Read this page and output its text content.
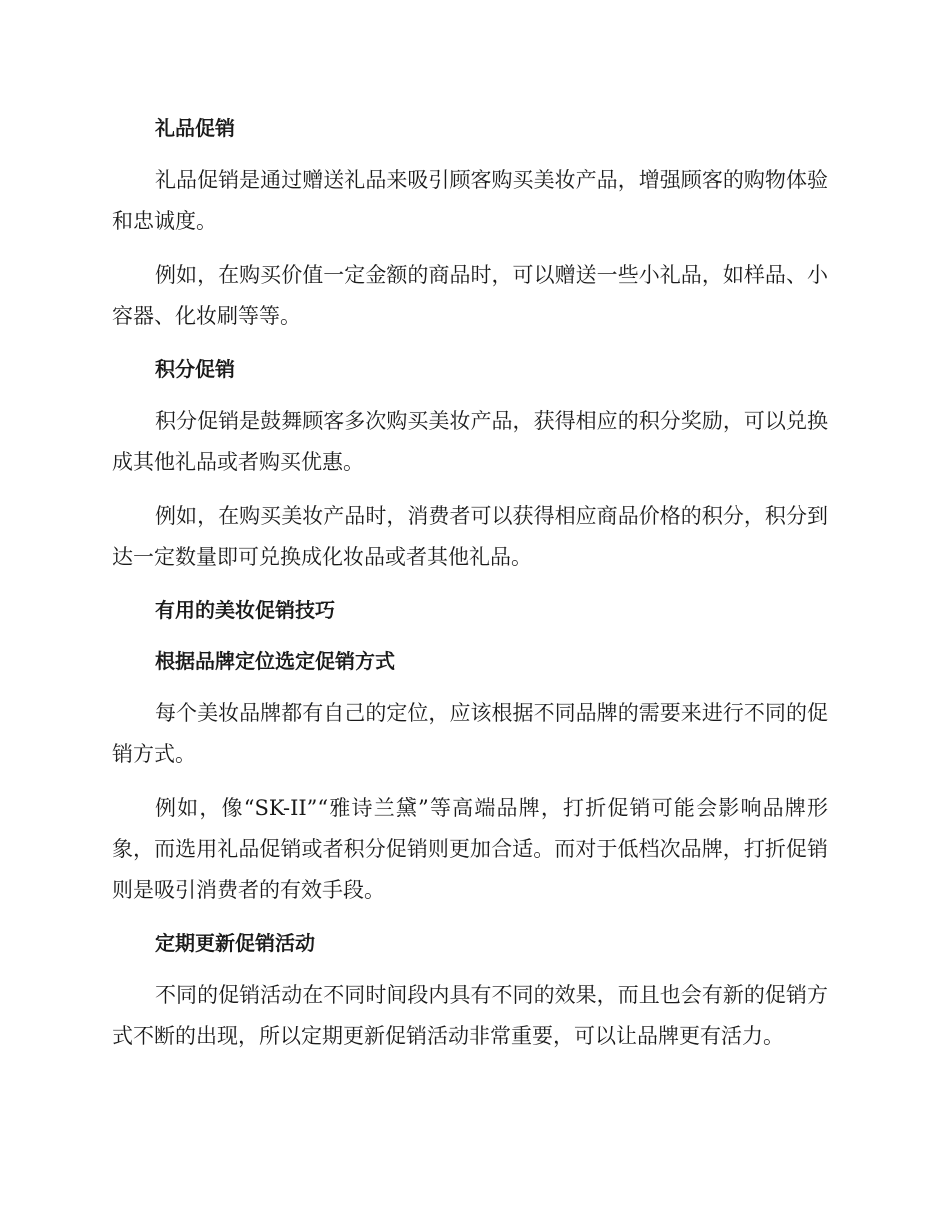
礼品促销
礼品促销是通过赠送礼品来吸引顾客购买美妆产品，增强顾客的购物体验和忠诚度。
例如，在购买价值一定金额的商品时，可以赠送一些小礼品，如样品、小容器、化妆刷等等。
积分促销
积分促销是鼓舞顾客多次购买美妆产品，获得相应的积分奖励，可以兑换成其他礼品或者购买优惠。
例如，在购买美妆产品时，消费者可以获得相应商品价格的积分，积分到达一定数量即可兑换成化妆品或者其他礼品。
有用的美妆促销技巧
根据品牌定位选定促销方式
每个美妆品牌都有自己的定位，应该根据不同品牌的需要来进行不同的促销方式。
例如，像“SK-II”“雅诗兰黛”等高端品牌，打折促销可能会影响品牌形象，而选用礼品促销或者积分促销则更加合适。而对于低档次品牌，打折促销则是吸引消费者的有效手段。
定期更新促销活动
不同的促销活动在不同时间段内具有不同的效果，而且也会有新的促销方式不断的出现，所以定期更新促销活动非常重要，可以让品牌更有活力。
